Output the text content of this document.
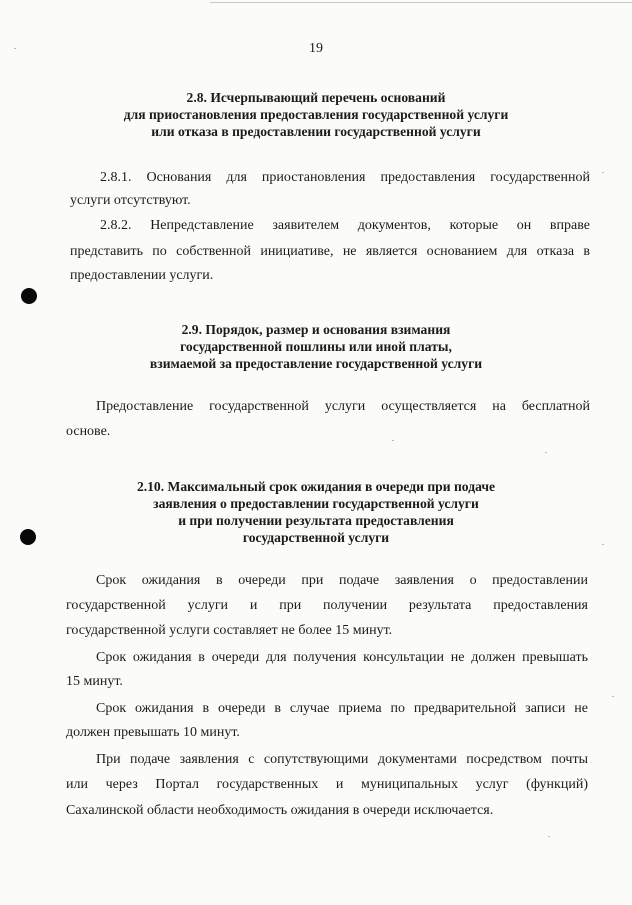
19
2.8. Исчерпывающий перечень оснований
для приостановления предоставления государственной услуги
или отказа в предоставлении государственной услуги
2.8.1. Основания для приостановления предоставления государственной
услуги отсутствуют.
2.8.2. Непредставление заявителем документов, которые он вправе
представить по собственной инициативе, не является основанием для отказа в
предоставлении услуги.
2.9. Порядок, размер и основания взимания
государственной пошлины или иной платы,
взимаемой за предоставление государственной услуги
Предоставление государственной услуги осуществляется на бесплатной
основе.
2.10. Максимальный срок ожидания в очереди при подаче
заявления о предоставлении государственной услуги
и при получении результата предоставления
государственной услуги
Срок ожидания в очереди при подаче заявления о предоставлении
государственной услуги и при получении результата предоставления
государственной услуги составляет не более 15 минут.
Срок ожидания в очереди для получения консультации не должен превышать
15 минут.
Срок ожидания в очереди в случае приема по предварительной записи не
должен превышать 10 минут.
При подаче заявления с сопутствующими документами посредством почты
или через Портал государственных и муниципальных услуг (функций)
Сахалинской области необходимость ожидания в очереди исключается.
